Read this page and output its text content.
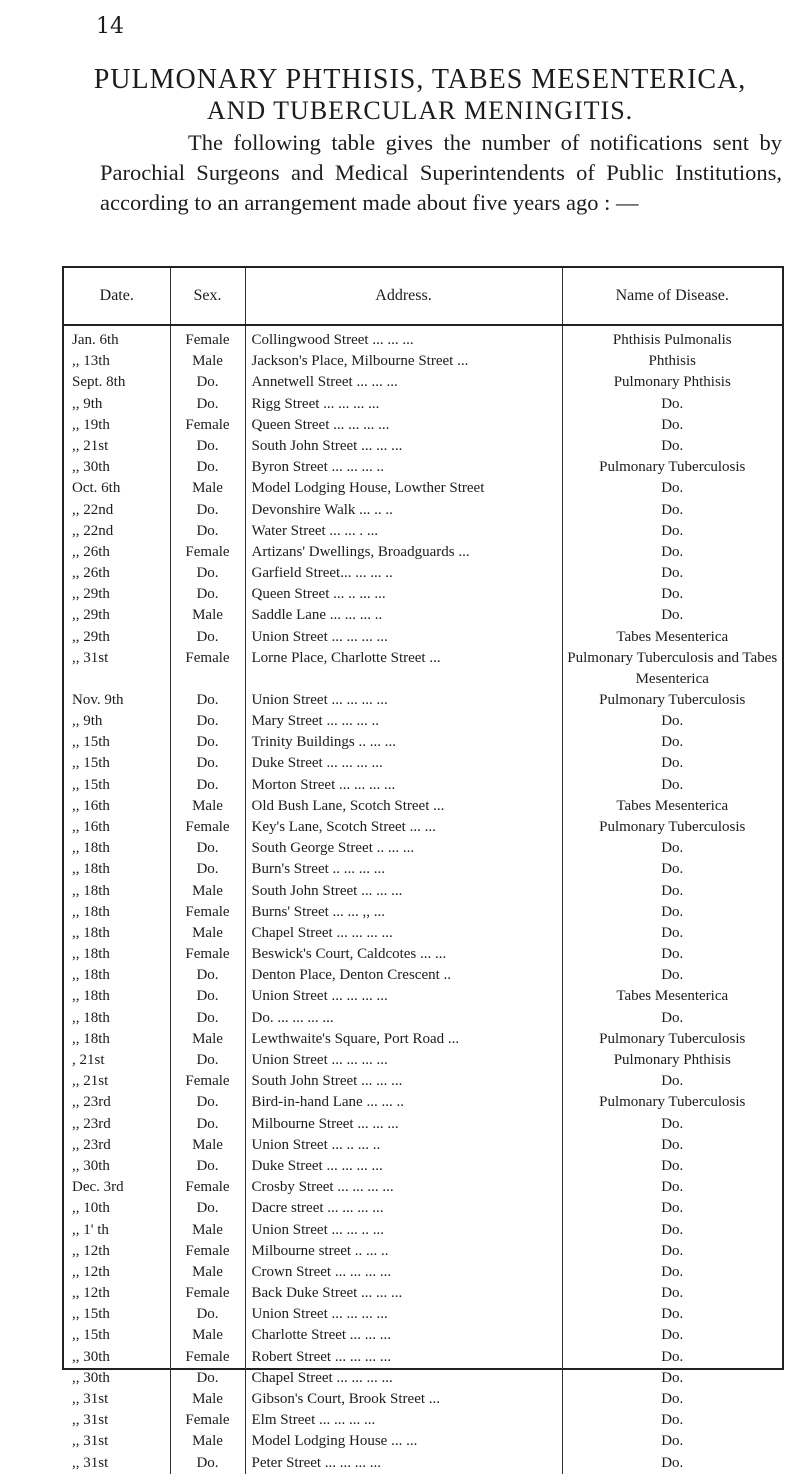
14
PULMONARY PHTHISIS, TABES MESENTERICA,
AND TUBERCULAR MENINGITIS.

The following table gives the number of notifications sent by Parochial Surgeons and Medical Superintendents of Public Institutions, according to an arrangement made about five years ago : —

Date.	Sex.	Address.	Name of Disease.
Jan. 6th	Female	Collingwood Street ... ... ...	Phthisis Pulmonalis
,, 13th	Male	Jackson's Place, Milbourne Street ...	Phthisis
Sept. 8th	Do.	Annetwell Street ... ... ...	Pulmonary Phthisis
,, 9th	Do.	Rigg Street ... ... ... ...	Do.
,, 19th	Female	Queen Street ... ... ... ...	Do.
,, 21st	Do.	South John Street ... ... ...	Do.
,, 30th	Do.	Byron Street ... ... ... ..	Pulmonary Tuberculosis
Oct. 6th	Male	Model Lodging House, Lowther Street	Do.
,, 22nd	Do.	Devonshire Walk ... .. ..	Do.
,, 22nd	Do.	Water Street ... ... . ...	Do.
,, 26th	Female	Artizans' Dwellings, Broadguards ...	Do.
,, 26th	Do.	Garfield Street... ... ... ..	Do.
,, 29th	Do.	Queen Street ... .. ... ...	Do.
,, 29th	Male	Saddle Lane ... ... ... ..	Do.
,, 29th	Do.	Union Street ... ... ... ...	Tabes Mesenterica
,, 31st	Female	Lorne Place, Charlotte Street ...	Pulmonary Tuberculosis and Tabes Mesenterica
Nov. 9th	Do.	Union Street ... ... ... ...	Pulmonary Tuberculosis
,, 9th	Do.	Mary Street ... ... ... ..	Do.
,, 15th	Do.	Trinity Buildings .. ... ...	Do.
,, 15th	Do.	Duke Street ... ... ... ...	Do.
,, 15th	Do.	Morton Street ... ... ... ...	Do.
,, 16th	Male	Old Bush Lane, Scotch Street ...	Tabes Mesenterica
,, 16th	Female	Key's Lane, Scotch Street ... ...	Pulmonary Tuberculosis
,, 18th	Do.	South George Street .. ... ...	Do.
,, 18th	Do.	Burn's Street .. ... ... ...	Do.
,, 18th	Male	South John Street ... ... ...	Do.
,, 18th	Female	Burns' Street ... ... ,, ...	Do.
,, 18th	Male	Chapel Street ... ... ... ...	Do.
,, 18th	Female	Beswick's Court, Caldcotes ... ...	Do.
,, 18th	Do.	Denton Place, Denton Crescent ..	Do.
,, 18th	Do.	Union Street ... ... ... ...	Tabes Mesenterica
,, 18th	Do.	Do. ... ... ... ...	Do.
,, 18th	Male	Lewthwaite's Square, Port Road ...	Pulmonary Tuberculosis
, 21st	Do.	Union Street ... ... ... ...	Pulmonary Phthisis
,, 21st	Female	South John Street ... ... ...	Do.
,, 23rd	Do.	Bird-in-hand Lane ... ... ..	Pulmonary Tuberculosis
,, 23rd	Do.	Milbourne Street ... ... ...	Do.
,, 23rd	Male	Union Street ... .. ... ..	Do.
,, 30th	Do.	Duke Street ... ... ... ...	Do.
Dec. 3rd	Female	Crosby Street ... ... ... ...	Do.
,, 10th	Do.	Dacre street ... ... ... ...	Do.
,, 1' th	Male	Union Street ... ... .. ...	Do.
,, 12th	Female	Milbourne street .. ... ..	Do.
,, 12th	Male	Crown Street ... ... ... ...	Do.
,, 12th	Female	Back Duke Street ... ... ...	Do.
,, 15th	Do.	Union Street ... ... ... ...	Do.
,, 15th	Male	Charlotte Street ... ... ...	Do.
,, 30th	Female	Robert Street ... ... ... ...	Do.
,, 30th	Do.	Chapel Street ... ... ... ...	Do.
,, 31st	Male	Gibson's Court, Brook Street ...	Do.
,, 31st	Female	Elm Street ... ... ... ...	Do.
,, 31st	Male	Model Lodging House ... ...	Do.
,, 31st	Do.	Peter Street ... ... ... ...	Do.
